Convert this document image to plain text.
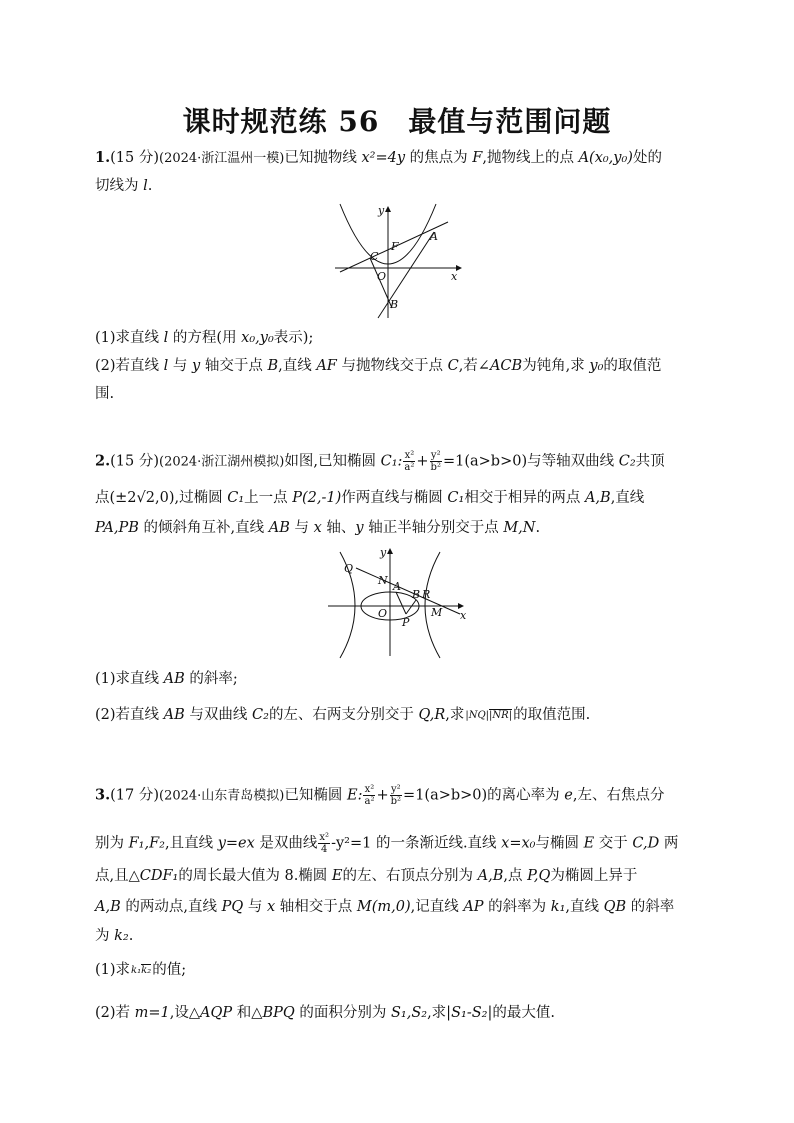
课时规范练 56　最值与范围问题
1.(15 分)(2024·浙江温州一模)已知抛物线 x²=4y 的焦点为 F,抛物线上的点 A(x₀,y₀)处的
切线为 l.
y
x
A
F
C
O
B
(1)求直线 l 的方程(用 x₀,y₀表示);
(2)若直线 l 与 y 轴交于点 B,直线 AF 与抛物线交于点 C,若∠ACB为钝角,求 y₀的取值范
围.
2.(15 分)(2024·浙江湖州模拟)如图,已知椭圆 C₁: $\frac{\text{x²}}{\text{a²}} + \frac{\text{y²}}{\text{b²}} =1(a>b>0)$与等轴双曲线 C₂共顶
点(±2√2,0),过椭圆 C₁上一点 P(2,-1)作两直线与椭圆 C₁相交于相异的两点 A,B,直线
PA,PB 的倾斜角互补,直线 AB 与 x 轴、y 轴正半轴分别交于点 M,N.
y
Q
N A
B R
O
P
M x
(1)求直线 AB 的斜率;
(2)若直线 AB 与双曲线 C₂的左、右两支分别交于 Q,R,求|NQ||NR|的取值范围.
3.(17 分)(2024·山东青岛模拟)已知椭圆 E: $\frac{\text{x²}}{\text{a²}} + \frac{\text{y²}}{\text{b²}} =1(a>b>0)$的离心率为 e,左、右焦点分
别为 F₁,F₂,且直线 y=ex 是双曲线 $\frac{\text{x²}}{4} -y^2=1$ 的一条渐近线.直线 x=x₀与椭圆 E 交于 C,D 两
点,且△CDF₁的周长最大值为 8.椭圆 E的左、右顶点分别为 A,B,点 P,Q为椭圆上异于
A,B 的两动点,直线 PQ 与 x 轴相交于点 M(m,0),记直线 AP 的斜率为 k₁,直线 QB 的斜率
为 k₂.
(1)求k₁k₂的值;
(2)若 m=1,设△AQP 和△BPQ 的面积分别为 S₁,S₂,求|S₁-S₂|的最大值.
